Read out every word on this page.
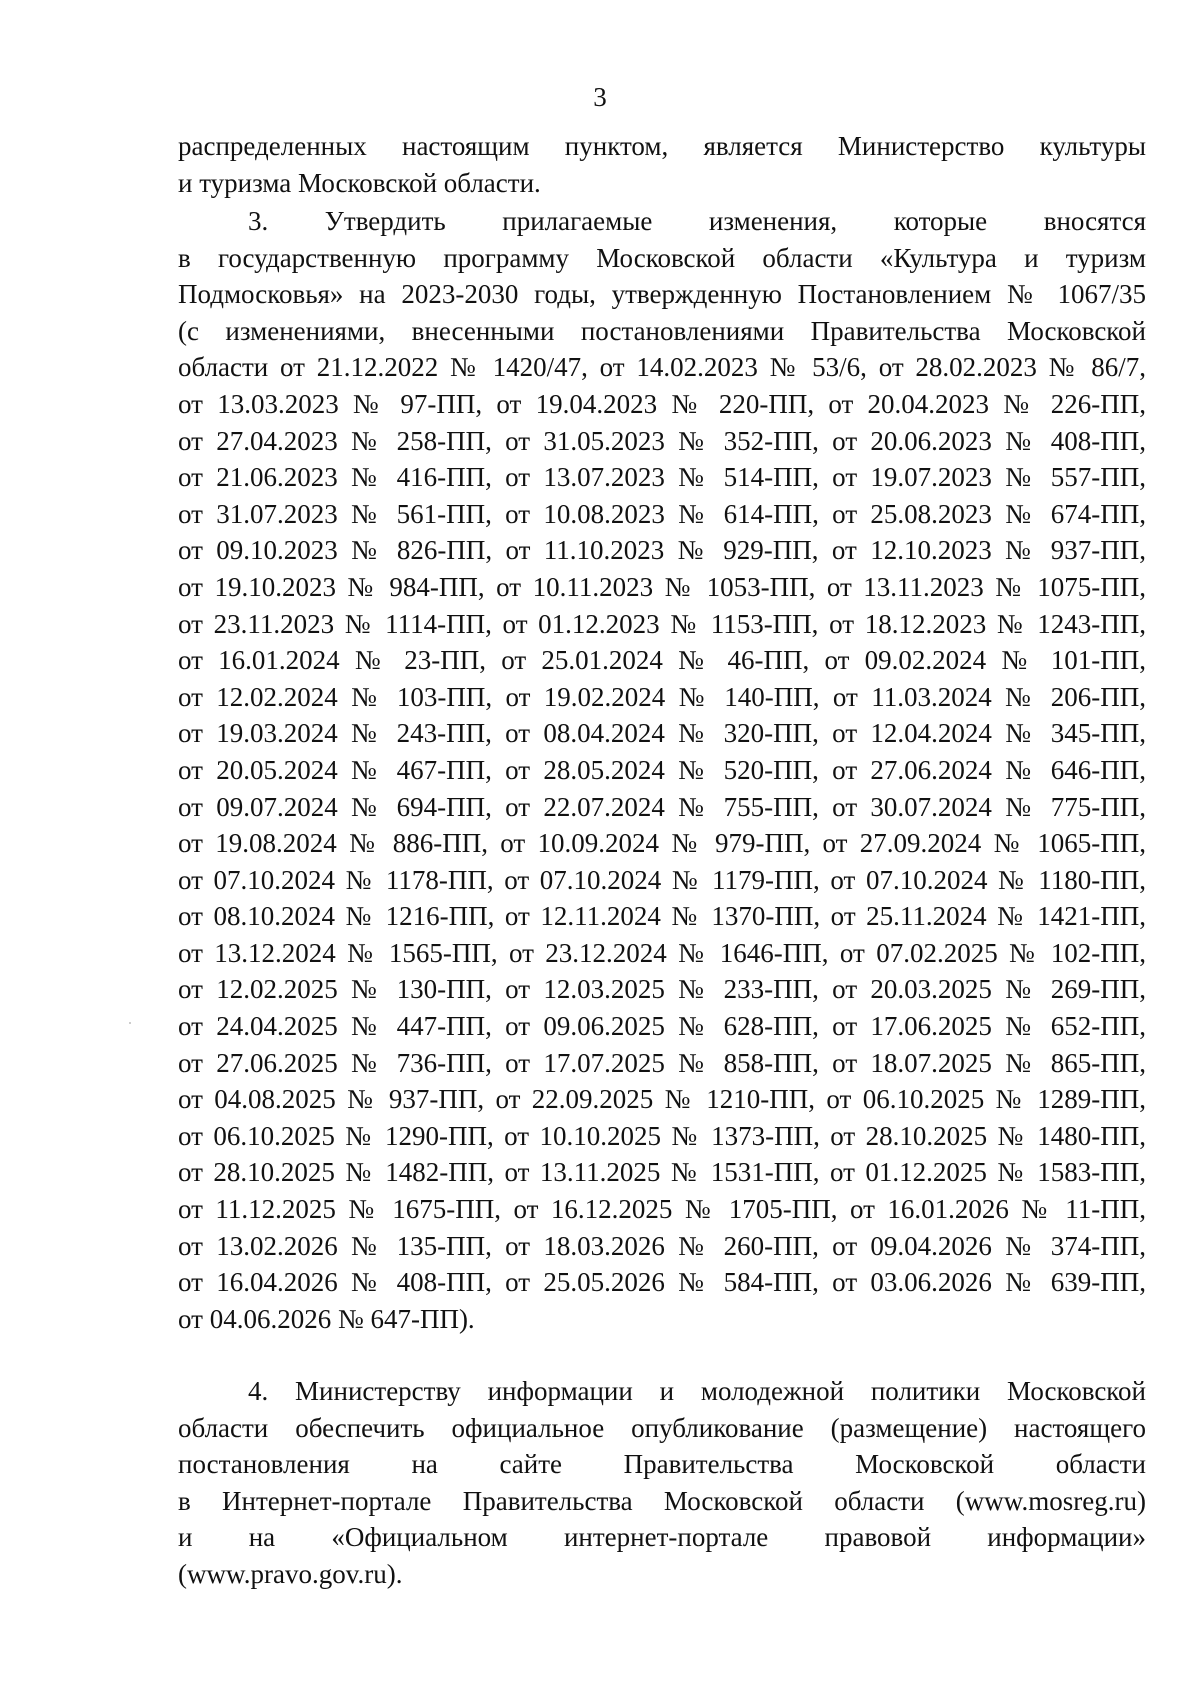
3
распределенных настоящим пунктом, является Министерство культуры
и туризма Московской области.
3. Утвердить прилагаемые изменения, которые вносятся
в государственную программу Московской области «Культура и туризм
Подмосковья» на 2023-2030 годы, утвержденную Постановлением № 1067/35
(с изменениями, внесенными постановлениями Правительства Московской
области от 21.12.2022 № 1420/47, от 14.02.2023 № 53/6, от 28.02.2023 № 86/7,
от 13.03.2023 № 97-ПП, от 19.04.2023 № 220-ПП, от 20.04.2023 № 226-ПП,
от 27.04.2023 № 258-ПП, от 31.05.2023 № 352-ПП, от 20.06.2023 № 408-ПП,
от 21.06.2023 № 416-ПП, от 13.07.2023 № 514-ПП, от 19.07.2023 № 557-ПП,
от 31.07.2023 № 561-ПП, от 10.08.2023 № 614-ПП, от 25.08.2023 № 674-ПП,
от 09.10.2023 № 826-ПП, от 11.10.2023 № 929-ПП, от 12.10.2023 № 937-ПП,
от 19.10.2023 № 984-ПП, от 10.11.2023 № 1053-ПП, от 13.11.2023 № 1075-ПП,
от 23.11.2023 № 1114-ПП, от 01.12.2023 № 1153-ПП, от 18.12.2023 № 1243-ПП,
от 16.01.2024 № 23-ПП, от 25.01.2024 № 46-ПП, от 09.02.2024 № 101-ПП,
от 12.02.2024 № 103-ПП, от 19.02.2024 № 140-ПП, от 11.03.2024 № 206-ПП,
от 19.03.2024 № 243-ПП, от 08.04.2024 № 320-ПП, от 12.04.2024 № 345-ПП,
от 20.05.2024 № 467-ПП, от 28.05.2024 № 520-ПП, от 27.06.2024 № 646-ПП,
от 09.07.2024 № 694-ПП, от 22.07.2024 № 755-ПП, от 30.07.2024 № 775-ПП,
от 19.08.2024 № 886-ПП, от 10.09.2024 № 979-ПП, от 27.09.2024 № 1065-ПП,
от 07.10.2024 № 1178-ПП, от 07.10.2024 № 1179-ПП, от 07.10.2024 № 1180-ПП,
от 08.10.2024 № 1216-ПП, от 12.11.2024 № 1370-ПП, от 25.11.2024 № 1421-ПП,
от 13.12.2024 № 1565-ПП, от 23.12.2024 № 1646-ПП, от 07.02.2025 № 102-ПП,
от 12.02.2025 № 130-ПП, от 12.03.2025 № 233-ПП, от 20.03.2025 № 269-ПП,
от 24.04.2025 № 447-ПП, от 09.06.2025 № 628-ПП, от 17.06.2025 № 652-ПП,
от 27.06.2025 № 736-ПП, от 17.07.2025 № 858-ПП, от 18.07.2025 № 865-ПП,
от 04.08.2025 № 937-ПП, от 22.09.2025 № 1210-ПП, от 06.10.2025 № 1289-ПП,
от 06.10.2025 № 1290-ПП, от 10.10.2025 № 1373-ПП, от 28.10.2025 № 1480-ПП,
от 28.10.2025 № 1482-ПП, от 13.11.2025 № 1531-ПП, от 01.12.2025 № 1583-ПП,
от 11.12.2025 № 1675-ПП, от 16.12.2025 № 1705-ПП, от 16.01.2026 № 11-ПП,
от 13.02.2026 № 135-ПП, от 18.03.2026 № 260-ПП, от 09.04.2026 № 374-ПП,
от 16.04.2026 № 408-ПП, от 25.05.2026 № 584-ПП, от 03.06.2026 № 639-ПП,
от 04.06.2026 № 647-ПП).
4. Министерству информации и молодежной политики Московской
области обеспечить официальное опубликование (размещение) настоящего
постановления на сайте Правительства Московской области
в Интернет-портале Правительства Московской области (www.mosreg.ru)
и на «Официальном интернет-портале правовой информации»
(www.pravo.gov.ru).
